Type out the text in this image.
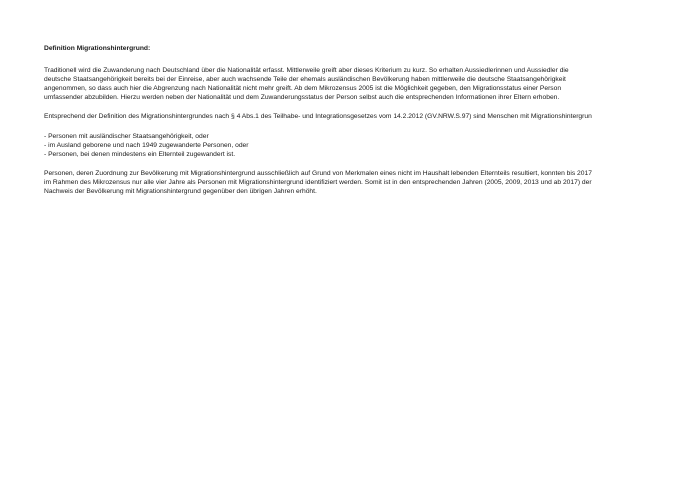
Definition Migrationshintergrund:
Traditionell wird die Zuwanderung nach Deutschland über die Nationalität erfasst. Mittlerweile greift aber dieses Kriterium zu kurz. So erhalten Aussiedlerinnen und Aussiedler die
deutsche Staatsangehörigkeit bereits bei der Einreise, aber auch wachsende Teile der ehemals ausländischen Bevölkerung haben mittlerweile die deutsche Staatsangehörigkeit
angenommen, so dass auch hier die Abgrenzung nach Nationalität nicht mehr greift. Ab dem Mikrozensus 2005 ist die Möglichkeit gegeben, den Migrationsstatus einer Person
umfassender abzubilden. Hierzu werden neben der Nationalität und dem Zuwanderungsstatus der Person selbst auch die entsprechenden Informationen ihrer Eltern erhoben.
Entsprechend der Definition des Migrationshintergrundes nach § 4 Abs.1 des Teilhabe- und Integrationsgesetzes vom 14.2.2012 (GV.NRW.S.97) sind Menschen mit Migrationshintergrun
- Personen mit ausländischer Staatsangehörigkeit, oder
- im Ausland geborene und nach 1949 zugewanderte Personen, oder
- Personen, bei denen mindestens ein Elternteil zugewandert ist.
Personen, deren Zuordnung zur Bevölkerung mit Migrationshintergrund ausschließlich auf Grund von Merkmalen eines nicht im Haushalt lebenden Elternteils resultiert, konnten bis 2017
im Rahmen des Mikrozensus nur alle vier Jahre als Personen mit Migrationshintergrund identifiziert werden. Somit ist in den entsprechenden Jahren (2005, 2009, 2013 und ab 2017) der
Nachweis der Bevölkerung mit Migrationshintergrund gegenüber den übrigen Jahren erhöht.
